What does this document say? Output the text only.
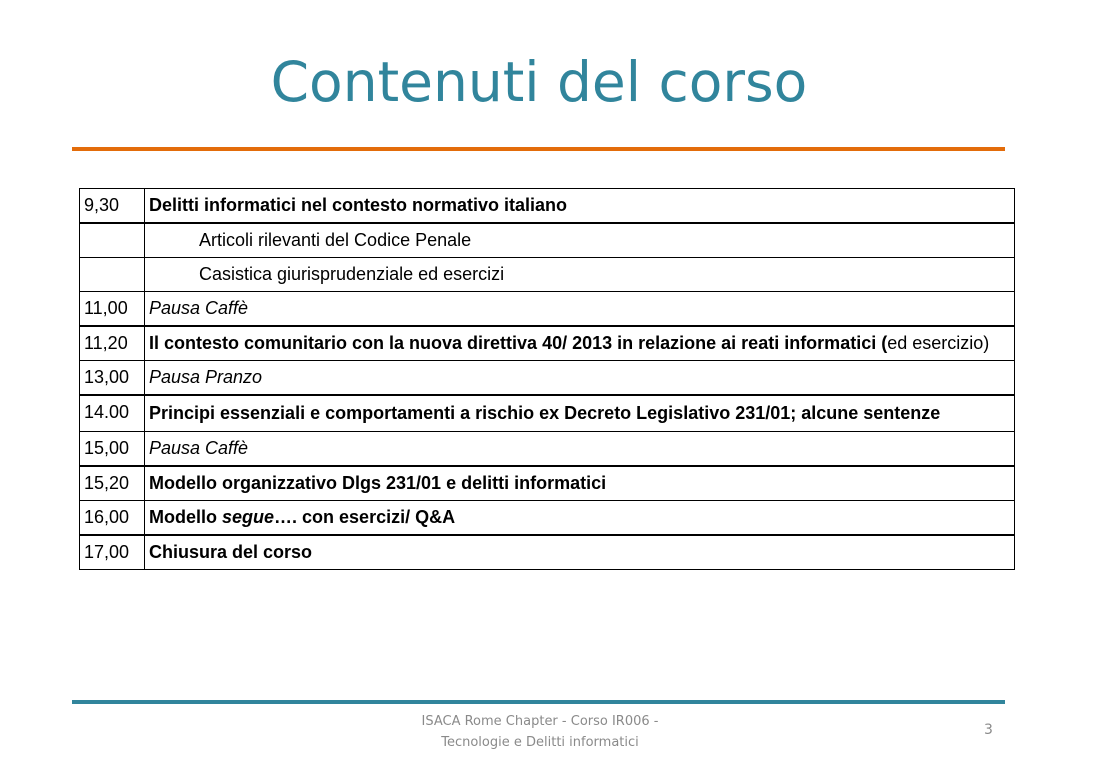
Contenuti del corso
9,30	Delitti informatici nel contesto normativo italiano
	Articoli rilevanti del Codice Penale
	Casistica giurisprudenziale ed esercizi
11,00	Pausa Caffè
11,20	Il contesto comunitario con la nuova direttiva 40/ 2013 in relazione ai reati informatici (ed esercizio)
13,00	Pausa Pranzo
14.00	Principi essenziali e comportamenti a rischio ex Decreto Legislativo 231/01; alcune sentenze
15,00	Pausa Caffè
15,20	Modello organizzativo Dlgs 231/01 e delitti informatici
16,00	Modello segue…. con esercizi/ Q&A
17,00	Chiusura del corso
ISACA Rome Chapter - Corso IR006 -
Tecnologie e Delitti informatici
3
